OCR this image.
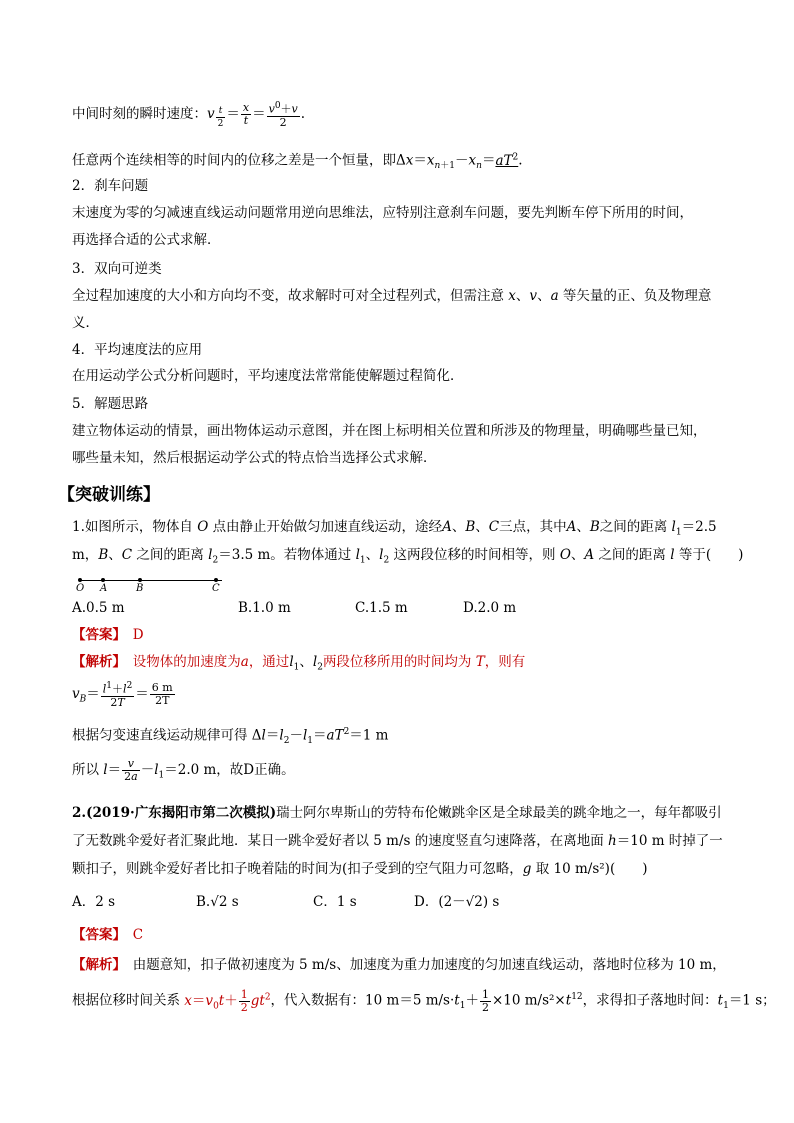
中间时刻的瞬时速度：v $\frac{t}{2} = \frac{x}{t} = \frac{v^0+v}{2}$ .
任意两个连续相等的时间内的位移之差是一个恒量，即$\Delta x=x_{n+1}-x_n=aT^2$.
2．刹车问题
末速度为零的匀减速直线运动问题常用逆向思维法，应特别注意刹车问题，要先判断车停下所用的时间，
再选择合适的公式求解．
3．双向可逆类
全过程加速度的大小和方向均不变，故求解时可对全过程列式，但需注意 x、v、a 等矢量的正、负及物理意
义．
4．平均速度法的应用
在用运动学公式分析问题时，平均速度法常常能使解题过程简化．
5．解题思路
建立物体运动的情景，画出物体运动示意图，并在图上标明相关位置和所涉及的物理量，明确哪些量已知，
哪些量未知，然后根据运动学公式的特点恰当选择公式求解．
【突破训练】
1.如图所示，物体自 O 点由静止开始做匀加速直线运动，途经A、B、C三点，其中A、B之间的距离 $l_1=2.5$
m，B、C 之间的距离 $l_2=3.5$ m。若物体通过 $l_1$、$l_2$ 这两段位移的时间相等，则 O、A 之间的距离 l 等于(　　)
O A	B	C
A.0.5 m	B.1.0 m	C.1.5 m	D.2.0 m
【答案】　 D
【解析】　 设物体的加速度为a，通过$l_1$、$l_2$两段位移所用的时间均为 T，则有
$v_B= \frac{l^1+l^2}{2T} = \frac{6 m}{2T}$
根据匀变速直线运动规律可得 $\Delta l=l_2-l_1=aT^2=1$ m
所以 $l= \frac{v}{2a} -l_1=2.0$ m，故D正确。
2.(2019·广东揭阳市第二次模拟)瑞士阿尔卑斯山的劳特布伦嫩跳伞区是全球最美的跳伞地之一，每年都吸引
了无数跳伞爱好者汇聚此地．某日一跳伞爱好者以 5 m/s 的速度竖直匀速降落，在离地面 h＝10 m 时掉了一
颗扣子，则跳伞爱好者比扣子晚着陆的时间为(扣子受到的空气阻力可忽略，g 取 10 m/s²)(　　)
A．2 s	B.√2 s	C．1 s	D．(2－√2) s
【答案】　 C
【解析】　 由题意知，扣子做初速度为 5 m/s、加速度为重力加速度的匀加速直线运动，落地时位移为 10 m，
根据位移时间关系 $x=v_0t+ \frac{1}{2} gt^2$，代入数据有：10 m＝5 $m/s\cdot t_1+ \frac{1}{2} \times 10$ $m/s^2\times t^{12}$，求得扣子落地时间：$t_1=1$ s；
